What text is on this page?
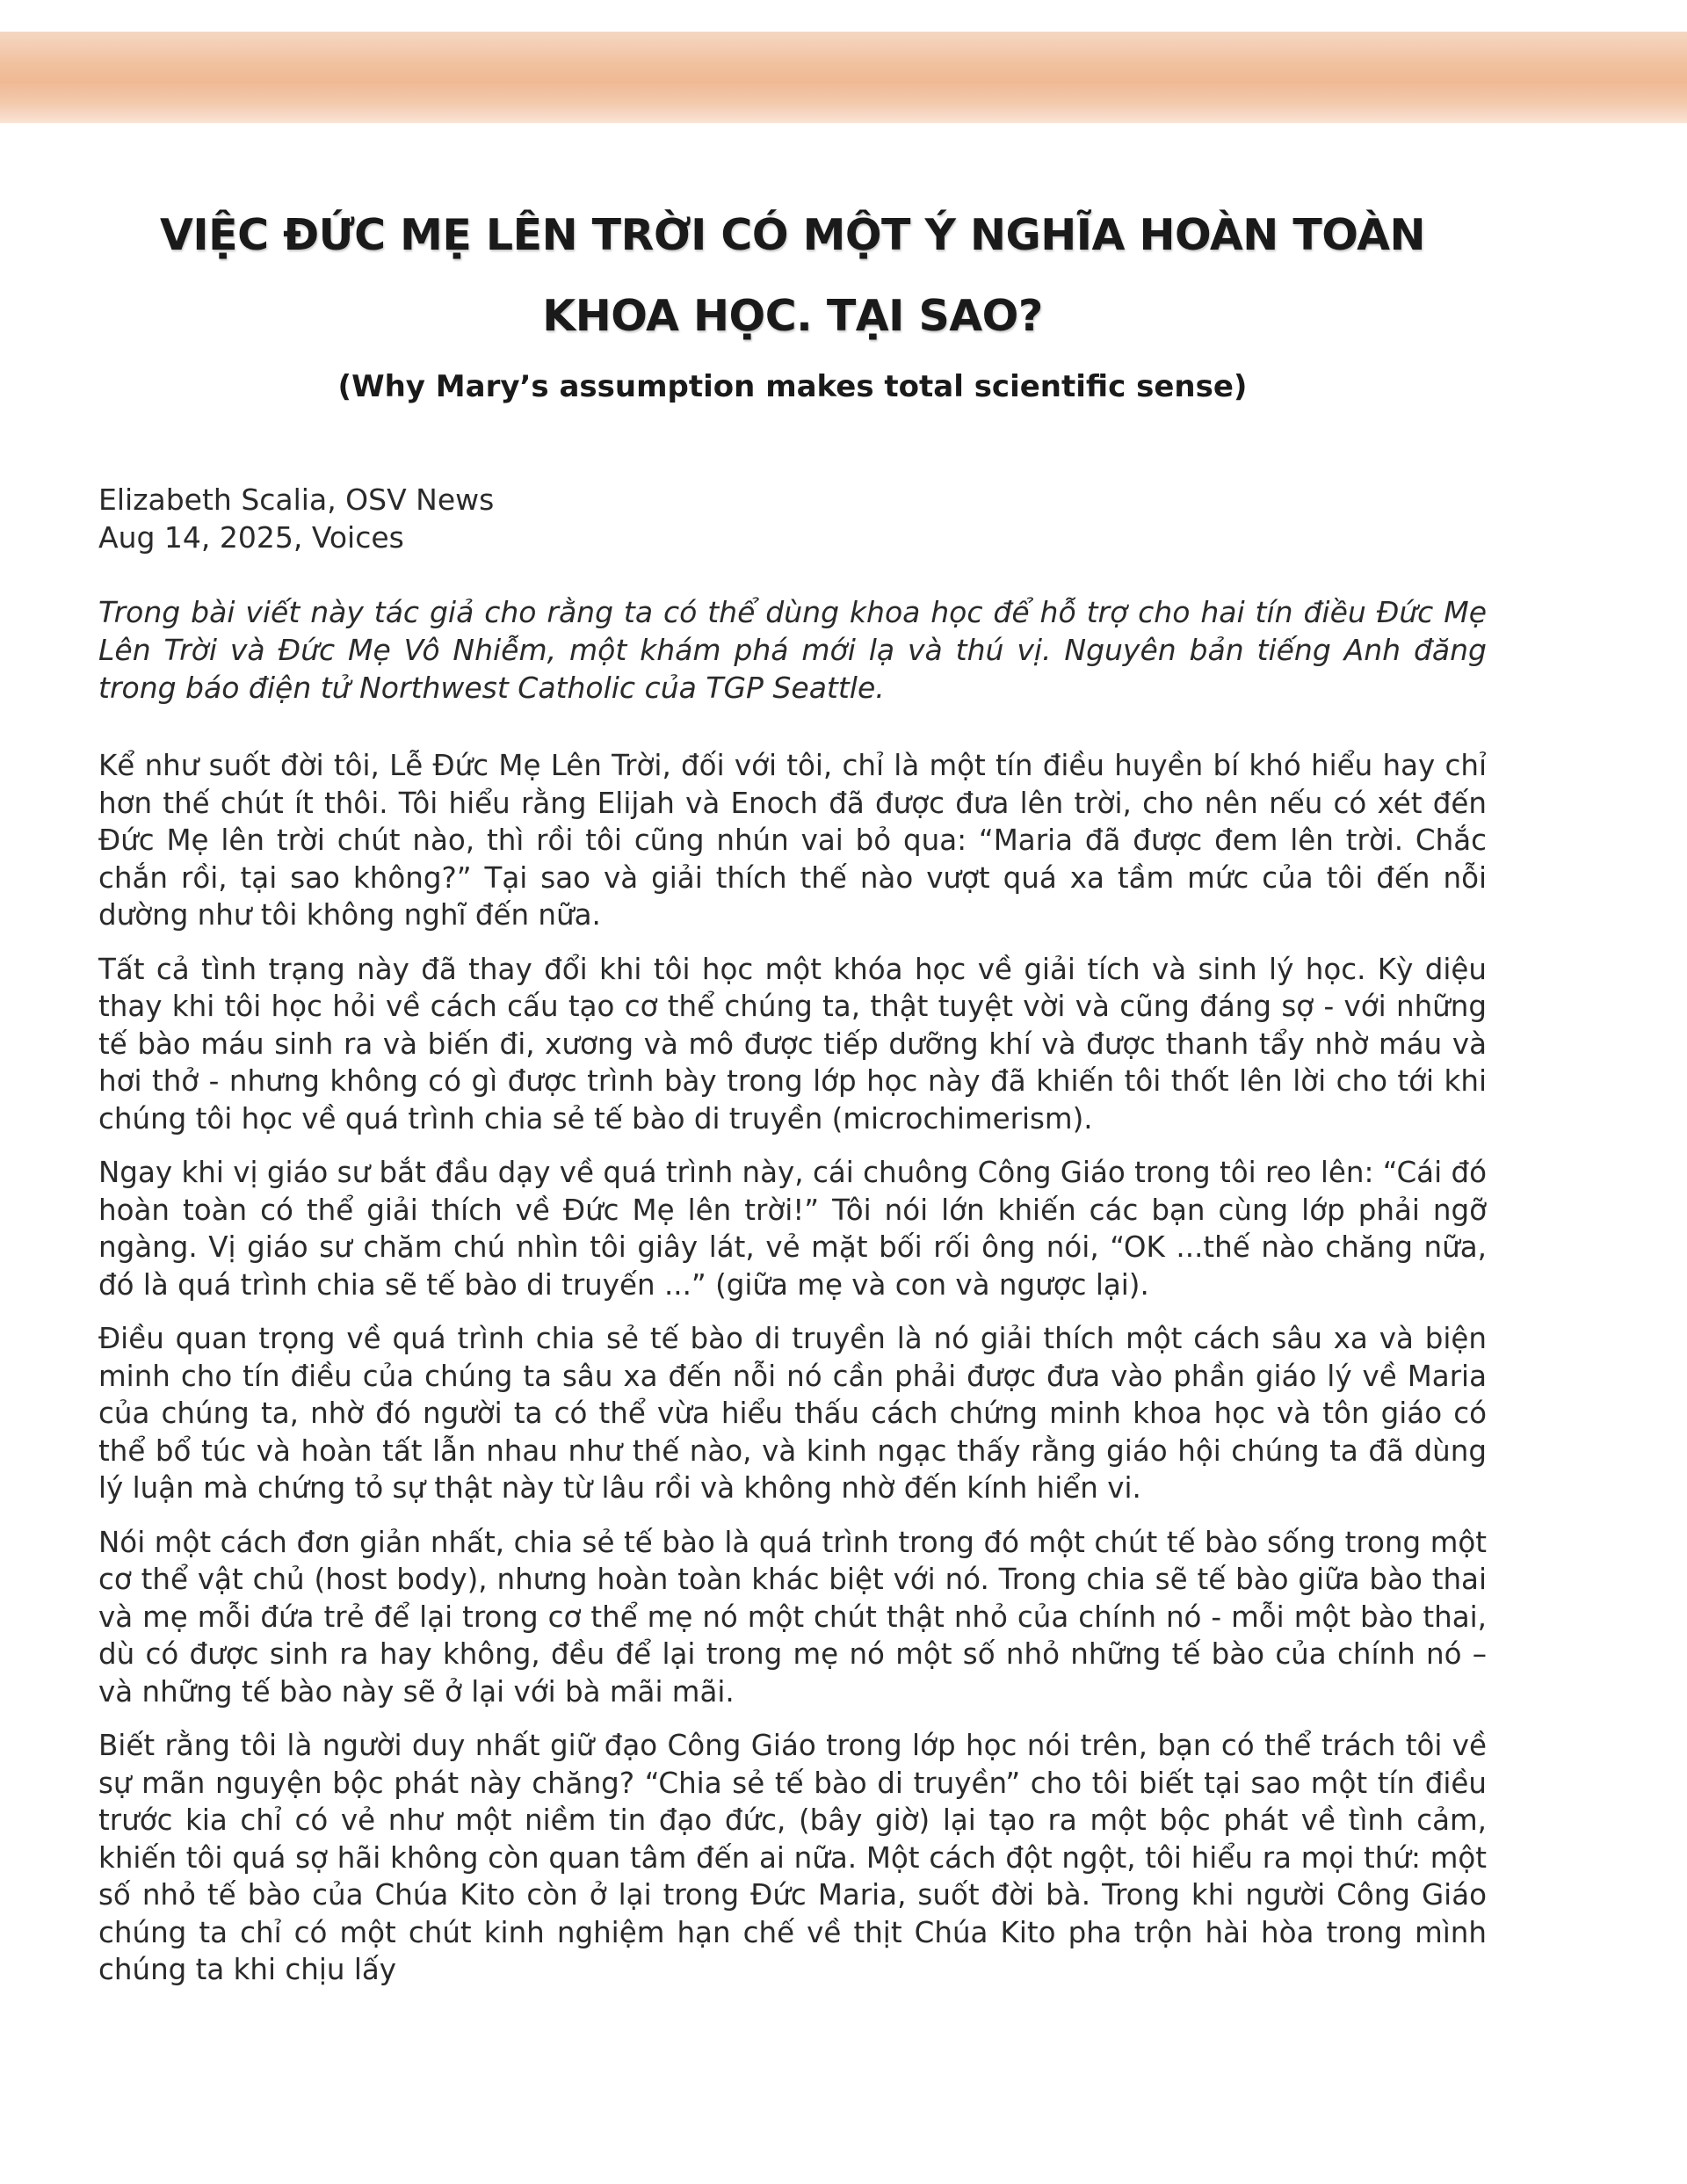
VIỆC ĐỨC MẸ LÊN TRỜI CÓ MỘT Ý NGHĨA HOÀN TOÀN KHOA HỌC. TẠI SAO?
(Why Mary’s assumption makes total scientific sense)
Elizabeth Scalia, OSV News
Aug 14, 2025, Voices

Trong bài viết này tác giả cho rằng ta có thể dùng khoa học để hỗ trợ cho hai tín điều Đức Mẹ Lên Trời và Đức Mẹ Vô Nhiễm, một khám phá mới lạ và thú vị. Nguyên bản tiếng Anh đăng trong báo điện tử Northwest Catholic của TGP Seattle.

Kể như suốt đời tôi, Lễ Đức Mẹ Lên Trời, đối với tôi, chỉ là một tín điều huyền bí khó hiểu hay chỉ hơn thế chút ít thôi. Tôi hiểu rằng Elijah và Enoch đã được đưa lên trời, cho nên nếu có xét đến Đức Mẹ lên trời chút nào, thì rồi tôi cũng nhún vai bỏ qua: “Maria đã được đem lên trời. Chắc chắn rồi, tại sao không?” Tại sao và giải thích thế nào vượt quá xa tầm mức của tôi đến nỗi dường như tôi không nghĩ đến nữa.

Tất cả tình trạng này đã thay đổi khi tôi học một khóa học về giải tích và sinh lý học. Kỳ diệu thay khi tôi học hỏi về cách cấu tạo cơ thể chúng ta, thật tuyệt vời và cũng đáng sợ - với những tế bào máu sinh ra và biến đi, xương và mô được tiếp dưỡng khí và được thanh tẩy nhờ máu và hơi thở - nhưng không có gì được trình bày trong lớp học này đã khiến tôi thốt lên lời cho tới khi chúng tôi học về quá trình chia sẻ tế bào di truyền (microchimerism).

Ngay khi vị giáo sư bắt đầu dạy về quá trình này, cái chuông Công Giáo trong tôi reo lên: “Cái đó hoàn toàn có thể giải thích về Đức Mẹ lên trời!” Tôi nói lớn khiến các bạn cùng lớp phải ngỡ ngàng. Vị giáo sư chăm chú nhìn tôi giây lát, vẻ mặt bối rối ông nói, “OK ...thế nào chăng nữa, đó là quá trình chia sẽ tế bào di truyến ...” (giữa mẹ và con và ngược lại).

Điều quan trọng về quá trình chia sẻ tế bào di truyền là nó giải thích một cách sâu xa và biện minh cho tín điều của chúng ta sâu xa đến nỗi nó cần phải được đưa vào phần giáo lý về Maria của chúng ta, nhờ đó người ta có thể vừa hiểu thấu cách chứng minh khoa học và tôn giáo có thể bổ túc và hoàn tất lẫn nhau như thế nào, và kinh ngạc thấy rằng giáo hội chúng ta đã dùng lý luận mà chứng tỏ sự thật này từ lâu rồi và không nhờ đến kính hiển vi.

Nói một cách đơn giản nhất, chia sẻ tế bào là quá trình trong đó một chút tế bào sống trong một cơ thể vật chủ (host body), nhưng hoàn toàn khác biệt với nó. Trong chia sẽ tế bào giữa bào thai và mẹ mỗi đứa trẻ để lại trong cơ thể mẹ nó một chút thật nhỏ của chính nó - mỗi một bào thai, dù có được sinh ra hay không, đều để lại trong mẹ nó một số nhỏ những tế bào của chính nó – và những tế bào này sẽ ở lại với bà mãi mãi.

Biết rằng tôi là người duy nhất giữ đạo Công Giáo trong lớp học nói trên, bạn có thể trách tôi về sự mãn nguyện bộc phát này chăng? “Chia sẻ tế bào di truyền” cho tôi biết tại sao một tín điều trước kia chỉ có vẻ như một niềm tin đạo đức, (bây giờ) lại tạo ra một bộc phát về tình cảm, khiến tôi quá sợ hãi không còn quan tâm đến ai nữa. Một cách đột ngột, tôi hiểu ra mọi thứ: một số nhỏ tế bào của Chúa Kito còn ở lại trong Đức Maria, suốt đời bà. Trong khi người Công Giáo chúng ta chỉ có một chút kinh nghiệm hạn chế về thịt Chúa Kito pha trộn hài hòa trong mình chúng ta khi chịu lấy
